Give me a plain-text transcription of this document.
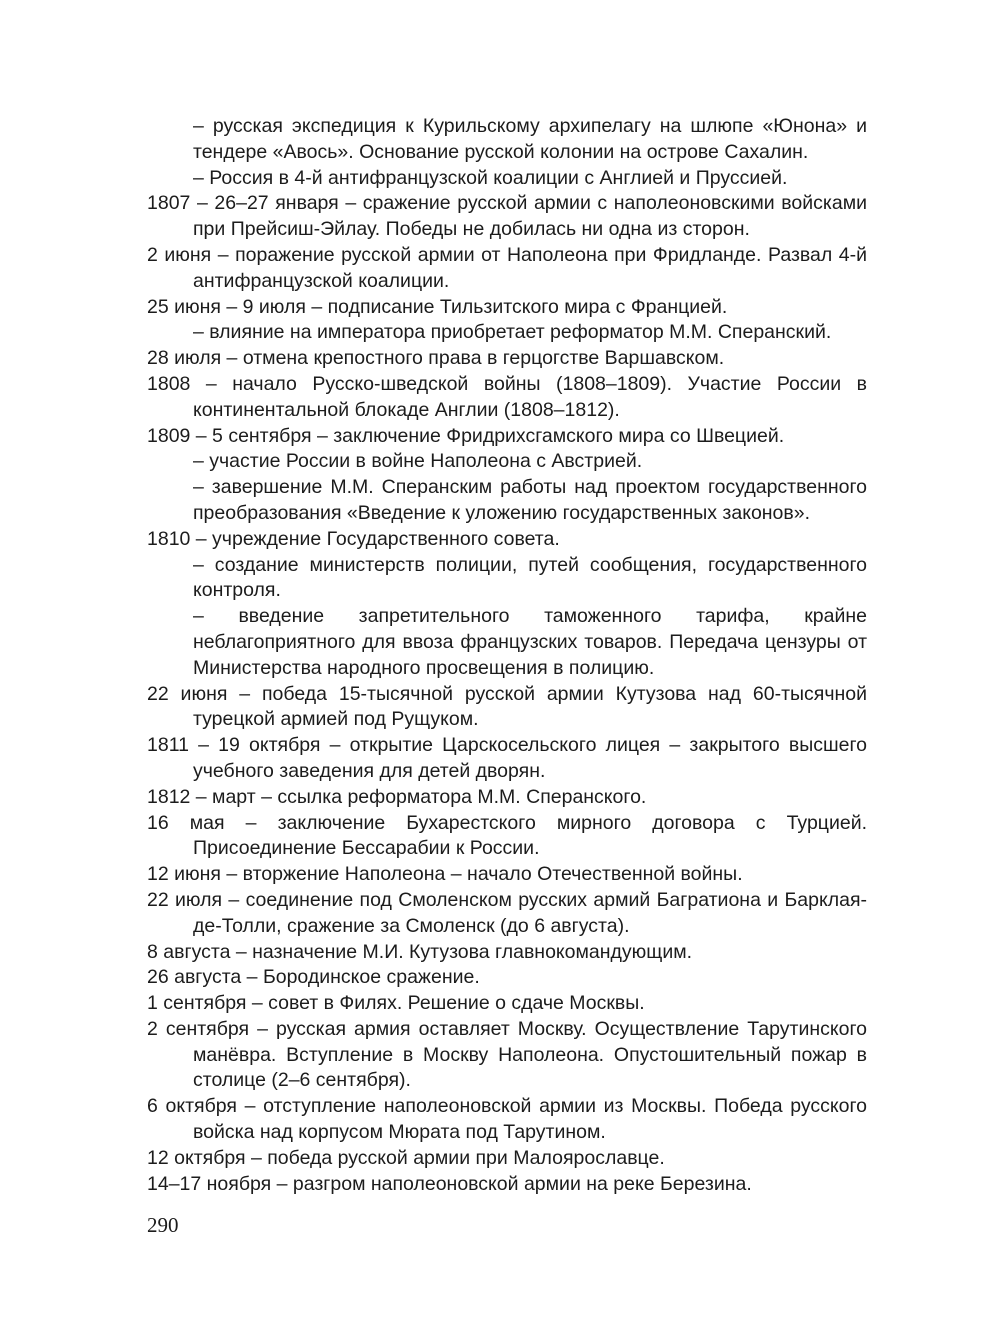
– русская экспедиция к Курильскому архипелагу на шлюпе «Юнона» и тендере «Авось». Основание русской колонии на острове Сахалин.

– Россия в 4-й антифранцузской коалиции с Англией и Пруссией.

1807 – 26–27 января – сражение русской армии с наполеоновскими войсками при Прейсиш-Эйлау. Победы не добилась ни одна из сторон.

2 июня – поражение русской армии от Наполеона при Фридланде. Развал 4-й антифранцузской коалиции.

25 июня – 9 июля – подписание Тильзитского мира с Францией.

– влияние на императора приобретает реформатор М.М. Сперанский.

28 июля – отмена крепостного права в герцогстве Варшавском.

1808 – начало Русско-шведской войны (1808–1809). Участие России в континентальной блокаде Англии (1808–1812).

1809 – 5 сентября – заключение Фридрихсгамского мира со Швецией.

– участие России в войне Наполеона с Австрией.

– завершение М.М. Сперанским работы над проектом государственного преобразования «Введение к уложению государственных законов».

1810 – учреждение Государственного совета.

– создание министерств полиции, путей сообщения, государственного контроля.

– введение запретительного таможенного тарифа, крайне неблагоприятного для ввоза французских товаров. Передача цензуры от Министерства народного просвещения в полицию.

22 июня – победа 15-тысячной русской армии Кутузова над 60-тысячной турецкой армией под Рущуком.

1811 – 19 октября – открытие Царскосельского лицея – закрытого высшего учебного заведения для детей дворян.

1812 – март – ссылка реформатора М.М. Сперанского.

16 мая – заключение Бухарестского мирного договора с Турцией. Присоединение Бессарабии к России.

12 июня – вторжение Наполеона – начало Отечественной войны.

22 июля – соединение под Смоленском русских армий Багратиона и Барклая-де-Толли, сражение за Смоленск (до 6 августа).

8 августа – назначение М.И. Кутузова главнокомандующим.

26 августа – Бородинское сражение.

1 сентября – совет в Филях. Решение о сдаче Москвы.

2 сентября – русская армия оставляет Москву. Осуществление Тарутинского манёвра. Вступление в Москву Наполеона. Опустошительный пожар в столице (2–6 сентября).

6 октября – отступление наполеоновской армии из Москвы. Победа русского войска над корпусом Мюрата под Тарутином.

12 октября – победа русской армии при Малоярославце.

14–17 ноября – разгром наполеоновской армии на реке Березина.

290
